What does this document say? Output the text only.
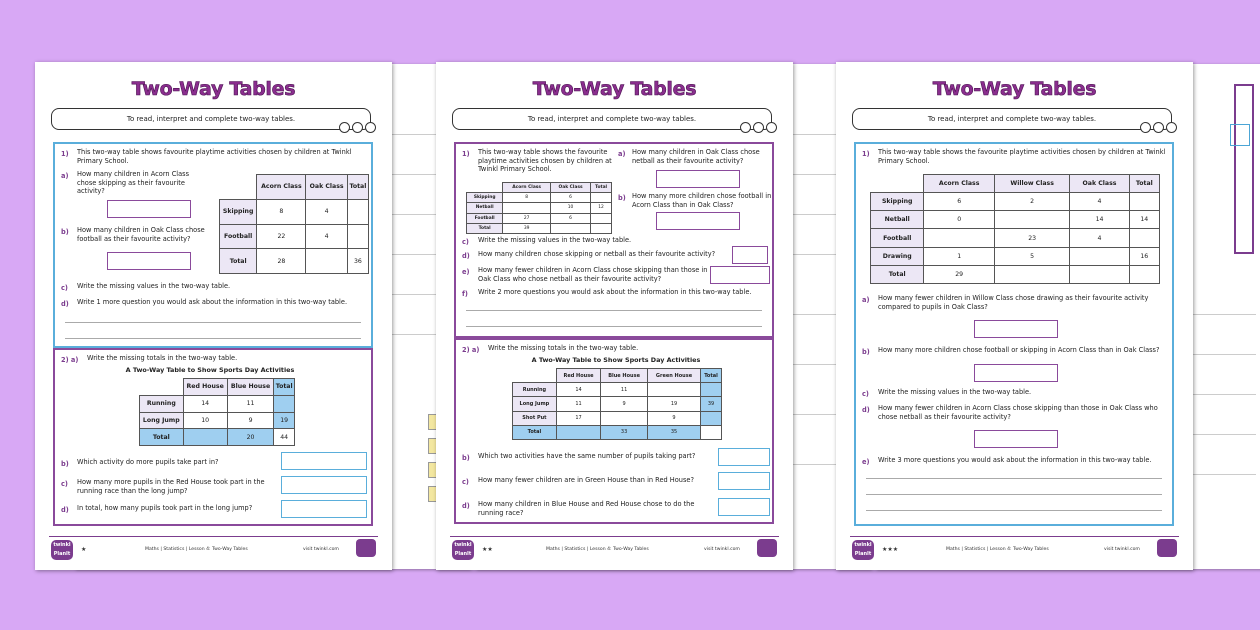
Two-Way Tables
To read, interpret and complete two-way tables.
1) This two-way table shows favourite playtime activities chosen by children at Twinkl Primary School.
a) How many children in Acorn Class chose skipping as their favourite activity?
b) How many children in Oak Class chose football as their favourite activity?
	Acorn Class	Oak Class	Total
Skipping	8	4	
Football	22	4	
Total	28		36
c) Write the missing values in the two-way table.
d) Write 1 more question you would ask about the information in this two-way table.
2) a) Write the missing totals in the two-way table.
A Two-Way Table to Show Sports Day Activities
	Red House	Blue House	Total
Running	14	11	
Long Jump	10	9	19
Total		20	44
b) Which activity do more pupils take part in?
c) How many more pupils in the Red House took part in the running race than the long jump?
d) In total, how many pupils took part in the long jump?
twinkl
PlanIt
★	Maths | Statistics | Lesson 4: Two-Way Tables	visit twinkl.com
Two-Way Tables
To read, interpret and complete two-way tables.
1) This two-way table shows the favourite playtime activities chosen by children at Twinkl Primary School.
	Acorn Class	Oak Class	Total
Skipping	8	6	
Netball		10	12
Football	27	6	
Total	39		
a) How many children in Oak Class chose netball as their favourite activity?
b) How many more children chose football in Acorn Class than in Oak Class?
c) Write the missing values in the two-way table.
d) How many children chose skipping or netball as their favourite activity?
e) How many fewer children in Acorn Class chose skipping than those in Oak Class who chose netball as their favourite activity?
f) Write 2 more questions you would ask about the information in this two-way table.
2) a) Write the missing totals in the two-way table.
A Two-Way Table to Show Sports Day Activities
	Red House	Blue House	Green House	Total
Running	14	11		
Long Jump	11	9	19	39
Shot Put	17		9	
Total		33	35	
b) Which two activities have the same number of pupils taking part?
c) How many fewer children are in Green House than in Red House?
d) How many children in Blue House and Red House chose to do the running race?
twinkl
PlanIt
★★	Maths | Statistics | Lesson 4: Two-Way Tables	visit twinkl.com
Two-Way Tables
To read, interpret and complete two-way tables.
1) This two-way table shows the favourite playtime activities chosen by children at Twinkl Primary School.
	Acorn Class	Willow Class	Oak Class	Total
Skipping	6	2	4	
Netball	0		14	14
Football		23	4	
Drawing	1	5		16
Total	29			
a) How many fewer children in Willow Class chose drawing as their favourite activity compared to pupils in Oak Class?
b) How many more children chose football or skipping in Acorn Class than in Oak Class?
c) Write the missing values in the two-way table.
d) How many fewer children in Acorn Class chose skipping than those in Oak Class who chose netball as their favourite activity?
e) Write 3 more questions you would ask about the information in this two-way table.
twinkl
PlanIt
★★★	Maths | Statistics | Lesson 4: Two-Way Tables	visit twinkl.com
